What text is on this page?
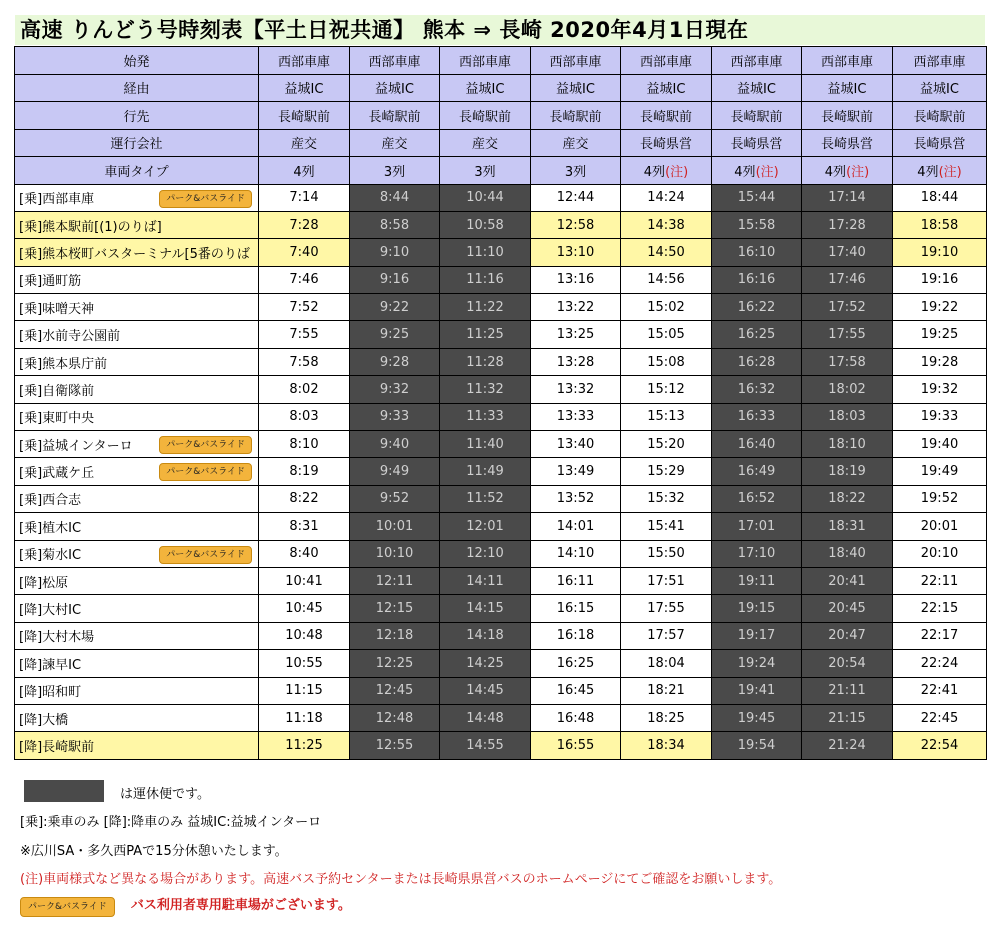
高速 りんどう号時刻表【平土日祝共通】 熊本 ⇒ 長崎 2020年4月1日現在
始発	西部車庫	西部車庫	西部車庫	西部車庫	西部車庫	西部車庫	西部車庫	西部車庫
経由	益城IC	益城IC	益城IC	益城IC	益城IC	益城IC	益城IC	益城IC
行先	長崎駅前	長崎駅前	長崎駅前	長崎駅前	長崎駅前	長崎駅前	長崎駅前	長崎駅前
運行会社	産交	産交	産交	産交	長崎県営	長崎県営	長崎県営	長崎県営
車両タイプ	4列	3列	3列	3列	4列(注)	4列(注)	4列(注)	4列(注)
[乗]西部車庫 パーク&バスライド	7:14	8:44	10:44	12:44	14:24	15:44	17:14	18:44
[乗]熊本駅前[(1)のりば]	7:28	8:58	10:58	12:58	14:38	15:58	17:28	18:58
[乗]熊本桜町バスターミナル[5番のりば	7:40	9:10	11:10	13:10	14:50	16:10	17:40	19:10
[乗]通町筋	7:46	9:16	11:16	13:16	14:56	16:16	17:46	19:16
[乗]味噌天神	7:52	9:22	11:22	13:22	15:02	16:22	17:52	19:22
[乗]水前寺公園前	7:55	9:25	11:25	13:25	15:05	16:25	17:55	19:25
[乗]熊本県庁前	7:58	9:28	11:28	13:28	15:08	16:28	17:58	19:28
[乗]自衛隊前	8:02	9:32	11:32	13:32	15:12	16:32	18:02	19:32
[乗]東町中央	8:03	9:33	11:33	13:33	15:13	16:33	18:03	19:33
[乗]益城インターロ パーク&バスライド	8:10	9:40	11:40	13:40	15:20	16:40	18:10	19:40
[乗]武蔵ケ丘 パーク&バスライド	8:19	9:49	11:49	13:49	15:29	16:49	18:19	19:49
[乗]西合志	8:22	9:52	11:52	13:52	15:32	16:52	18:22	19:52
[乗]植木IC	8:31	10:01	12:01	14:01	15:41	17:01	18:31	20:01
[乗]菊水IC パーク&バスライド	8:40	10:10	12:10	14:10	15:50	17:10	18:40	20:10
[降]松原	10:41	12:11	14:11	16:11	17:51	19:11	20:41	22:11
[降]大村IC	10:45	12:15	14:15	16:15	17:55	19:15	20:45	22:15
[降]大村木場	10:48	12:18	14:18	16:18	17:57	19:17	20:47	22:17
[降]諫早IC	10:55	12:25	14:25	16:25	18:04	19:24	20:54	22:24
[降]昭和町	11:15	12:45	14:45	16:45	18:21	19:41	21:11	22:41
[降]大橋	11:18	12:48	14:48	16:48	18:25	19:45	21:15	22:45
[降]長崎駅前	11:25	12:55	14:55	16:55	18:34	19:54	21:24	22:54
は運休便です。
[乗]:乗車のみ [降]:降車のみ 益城IC:益城インターロ
※広川SA・多久西PAで15分休憩いたします。
(注)車両様式など異なる場合があります。高速バス予約センターまたは長崎県県営バスのホームページにてご確認をお願いします。
パーク&バスライド バス利用者専用駐車場がございます。
